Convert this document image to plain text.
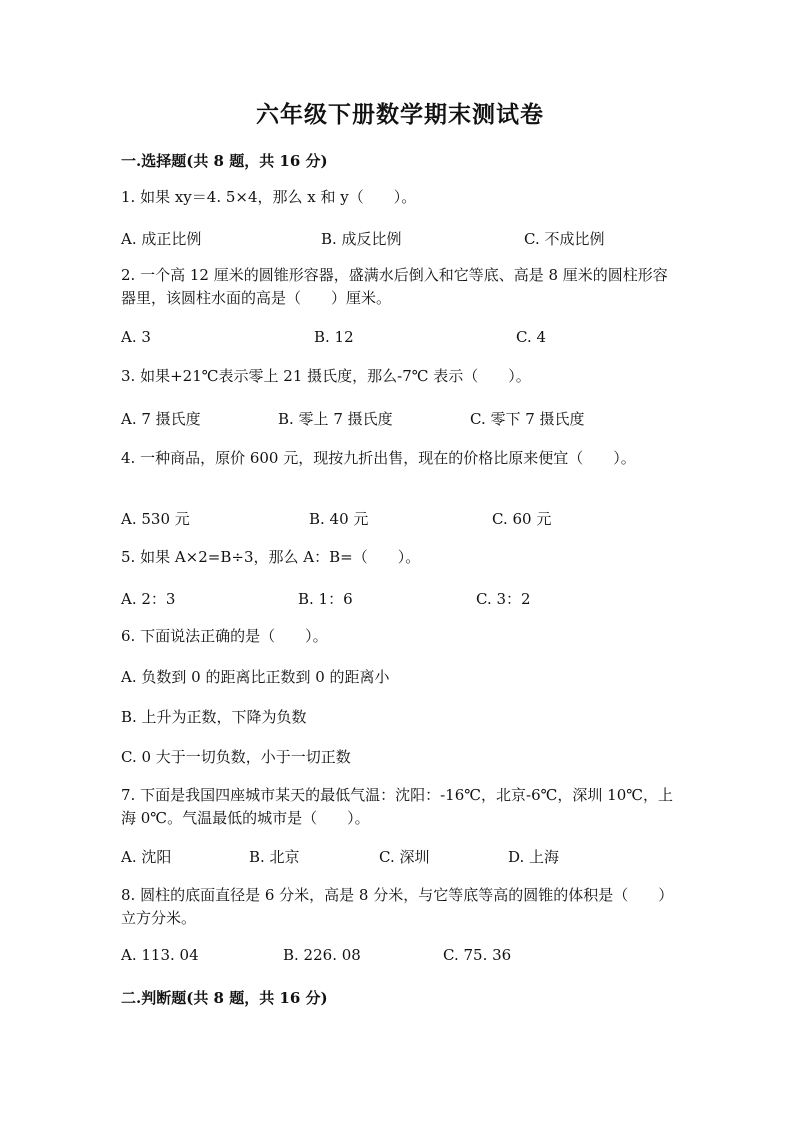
六年级下册数学期末测试卷
一.选择题(共 8 题，共 16 分)
1. 如果 xy＝4. 5×4，那么 x 和 y（　　）。
A. 成正比例	B. 成反比例	C. 不成比例
2. 一个高 12 厘米的圆锥形容器，盛满水后倒入和它等底、高是 8 厘米的圆柱形容器里，该圆柱水面的高是（　　）厘米。
A. 3	B. 12	C. 4
3. 如果+21℃表示零上 21 摄氏度，那么-7℃ 表示（　　）。
A. 7 摄氏度	B. 零上 7 摄氏度	C. 零下 7 摄氏度
4. 一种商品，原价 600 元，现按九折出售，现在的价格比原来便宜（　　）。
A. 530 元	B. 40 元	C. 60 元
5. 如果 A×2=B÷3，那么 A：B=（　　）。
A. 2：3	B. 1：6	C. 3：2
6. 下面说法正确的是（　　）。
A. 负数到 0 的距离比正数到 0 的距离小
B. 上升为正数，下降为负数
C. 0 大于一切负数，小于一切正数
7. 下面是我国四座城市某天的最低气温：沈阳：-16℃，北京-6℃，深圳 10℃，上海 0℃。气温最低的城市是（　　）。
A. 沈阳	B. 北京	C. 深圳	D. 上海
8. 圆柱的底面直径是 6 分米，高是 8 分米，与它等底等高的圆锥的体积是（　　）立方分米。
A. 113. 04	B. 226. 08	C. 75. 36
二.判断题(共 8 题，共 16 分)
